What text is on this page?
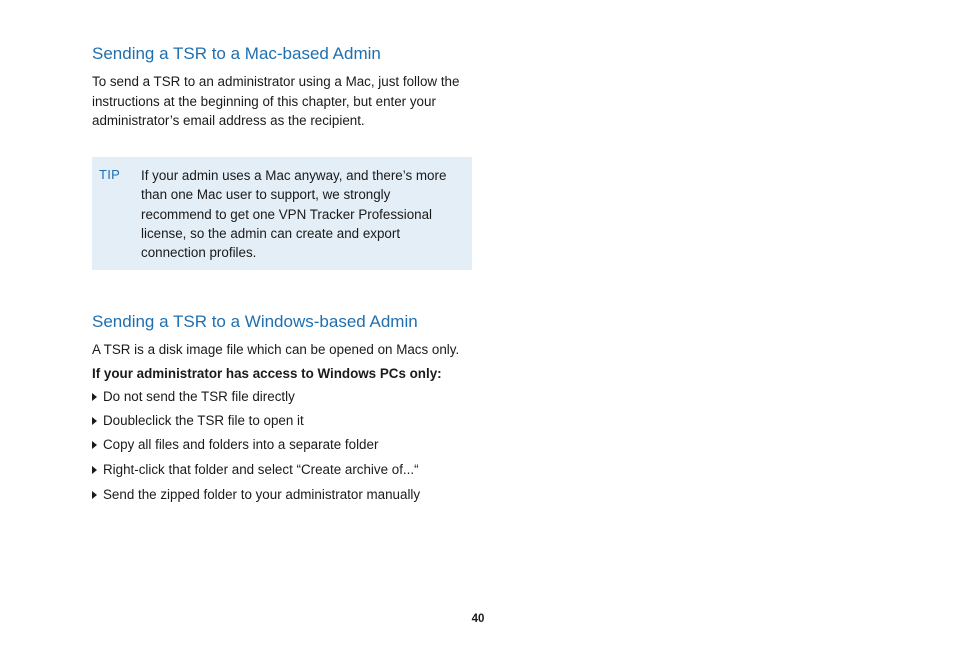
Sending a TSR to a Mac-based Admin

To send a TSR to an administrator using a Mac, just follow the instructions at the beginning of this chapter, but enter your administrator’s email address as the recipient.

TIP If your admin uses a Mac anyway, and there’s more than one Mac user to support, we strongly recommend to get one VPN Tracker Professional license, so the admin can create and export connection profiles.

Sending a TSR to a Windows-based Admin

A TSR is a disk image file which can be opened on Macs only.

If your administrator has access to Windows PCs only:

Do not send the TSR file directly
Doubleclick the TSR file to open it
Copy all files and folders into a separate folder
Right-click that folder and select “Create archive of...“
Send the zipped folder to your administrator manually
40
